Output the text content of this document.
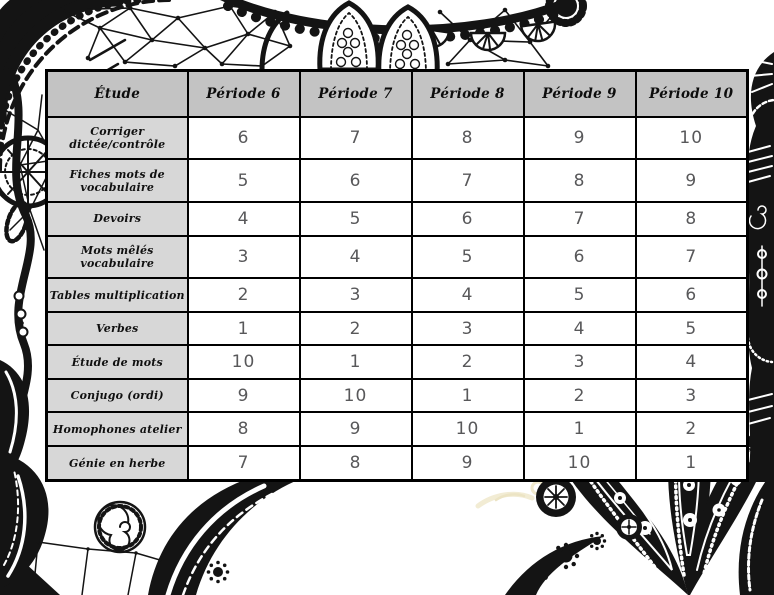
Étude	Période 6	Période 7	Période 8	Période 9	Période 10
Corriger dictée/contrôle	6	7	8	9	10
Fiches mots de vocabulaire	5	6	7	8	9
Devoirs	4	5	6	7	8
Mots mêlés vocabulaire	3	4	5	6	7
Tables multiplication	2	3	4	5	6
Verbes	1	2	3	4	5
Étude de mots	10	1	2	3	4
Conjugo (ordi)	9	10	1	2	3
Homophones atelier	8	9	10	1	2
Génie en herbe	7	8	9	10	1
